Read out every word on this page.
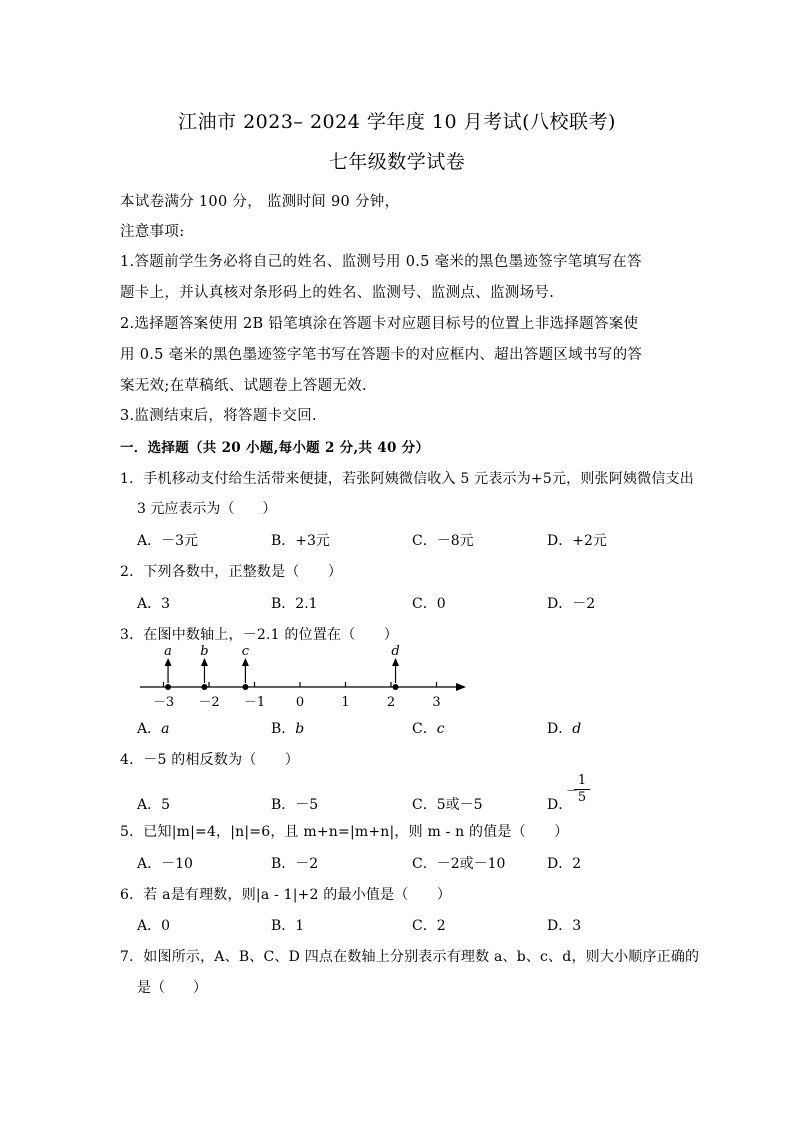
江油市 2023– 2024 学年度 10 月考试(八校联考)
七年级数学试卷
本试卷满分 100 分， 监测时间 90 分钟，
注意事项:
1.答题前学生务必将自己的姓名、监测号用 0.5 毫米的黑色墨迹签字笔填写在答
题卡上，并认真核对条形码上的姓名、监测号、监测点、监测场号.
2.选择题答案使用 2B 铅笔填涂在答题卡对应题目标号的位置上非选择题答案使
用 0.5 毫米的黑色墨迹签字笔书写在答题卡的对应框内、超出答题区域书写的答
案无效;在草稿纸、试题卷上答题无效.
3.监测结束后，将答题卡交回.
一．选择题（共 20 小题,每小题 2 分,共 40 分）
1．手机移动支付给生活带来便捷，若张阿姨微信收入 5 元表示为+5元，则张阿姨微信支出
3 元应表示为（　　）
A．－3元	B．+3元	C．－8元	D．+2元
2．下列各数中，正整数是（　　）
A．3	B．2.1	C．0	D．－2
3．在图中数轴上，－2.1 的位置在（　　）
－3 －2 －1 0	1	2	3
a b	c	d
A．a	B．b	C．c	D．d
4．－5 的相反数为（　　）
A．5	B．－5	C．5或－5	D．
－
$\frac{1}{5}$
5．已知|m|=4，|n|=6，且 m+n=|m+n|，则 m - n 的值是（　　）
A．－10	B．－2	C．－2或－10	D．2
6．若 a是有理数，则|a - 1|+2 的最小值是（　　）
A．0	B．1	C．2	D．3
7．如图所示，A、B、C、D 四点在数轴上分别表示有理数 a、b、c、d，则大小顺序正确的
是（　　）
